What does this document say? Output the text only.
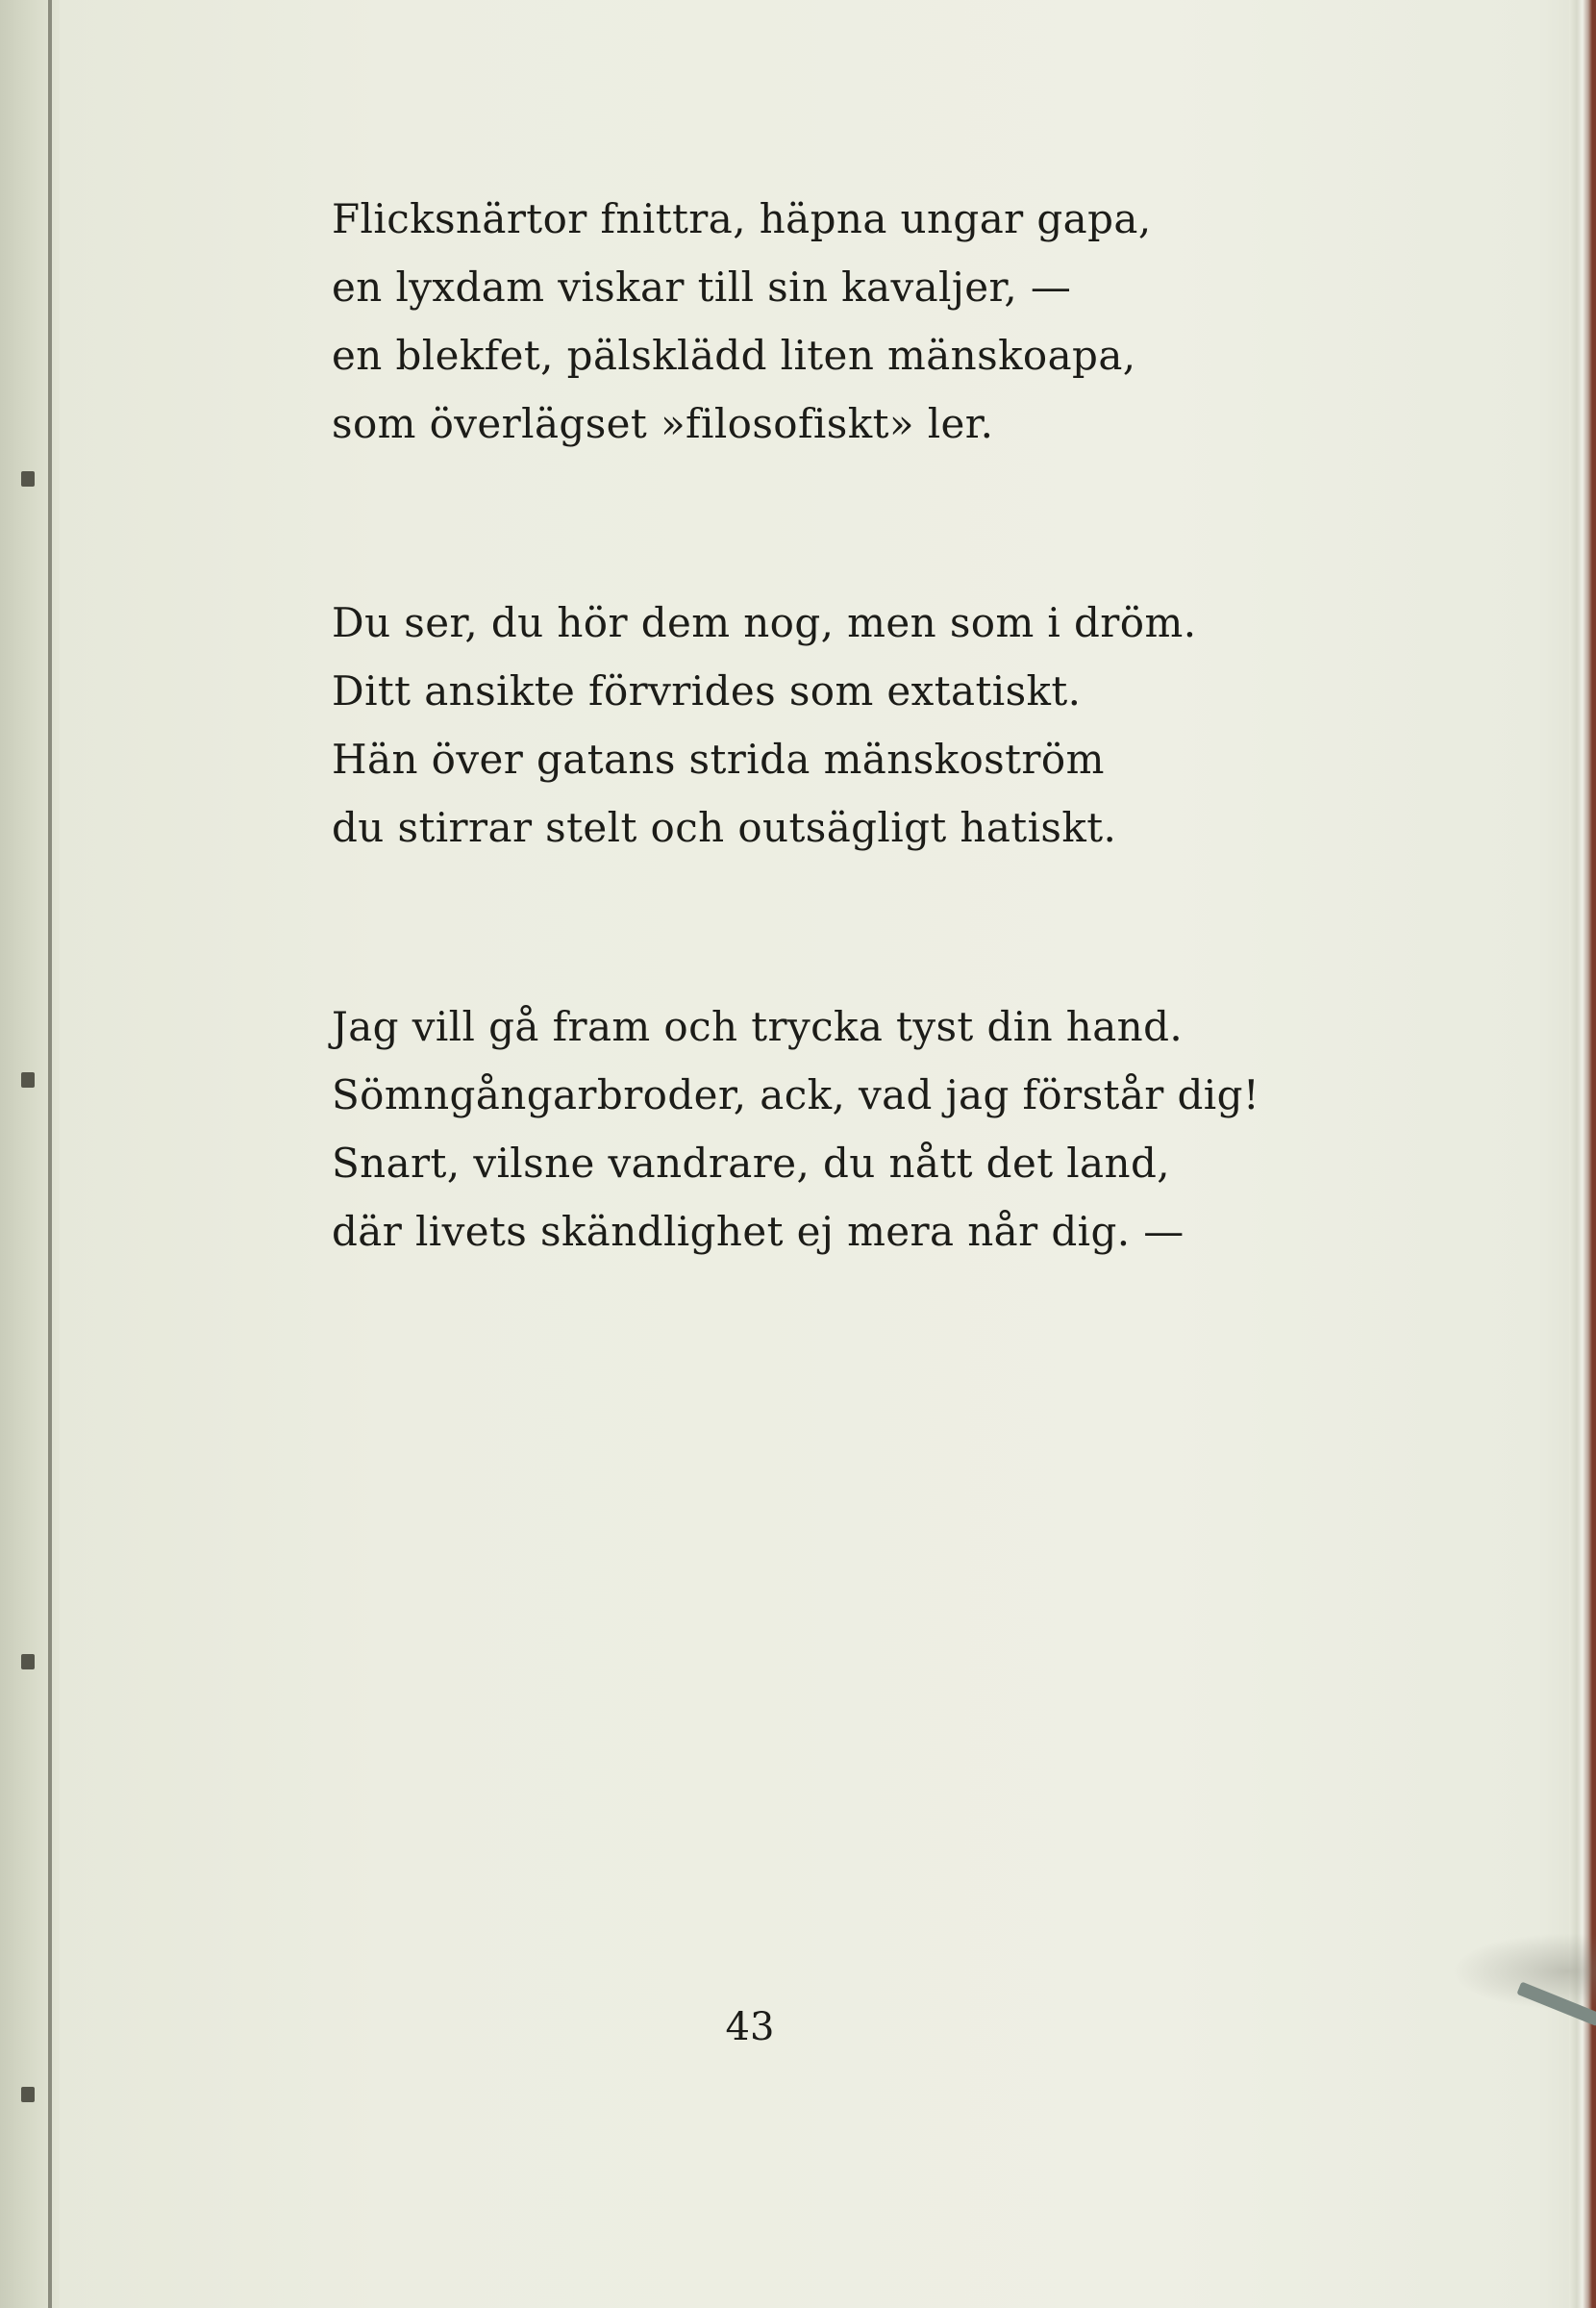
Flicksnärtor fnittra, häpna ungar gapa,
en lyxdam viskar till sin kavaljer, —
en blekfet, pälsklädd liten mänskoapa,
som överlägset »filosofiskt» ler.
Du ser, du hör dem nog, men som i dröm.
Ditt ansikte förvrides som extatiskt.
Hän över gatans strida mänskoström
du stirrar stelt och outsägligt hatiskt.
Jag vill gå fram och trycka tyst din hand.
Sömngångarbroder, ack, vad jag förstår dig!
Snart, vilsne vandrare, du nått det land,
där livets skändlighet ej mera når dig. —
43
